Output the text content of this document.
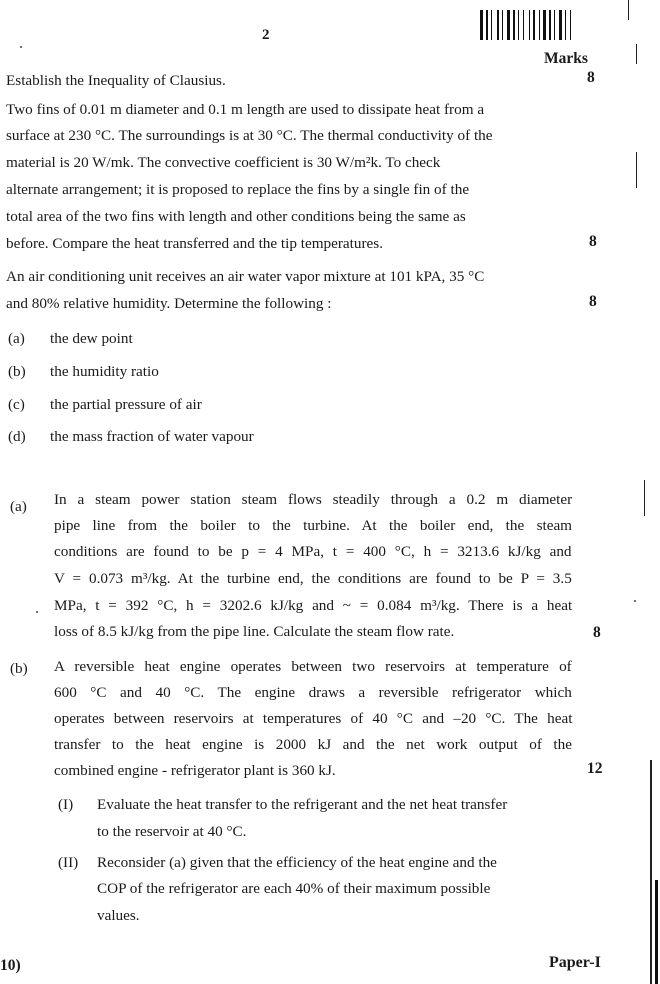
2
Marks
Establish the Inequality of Clausius.	8
Two fins of 0.01 m diameter and 0.1 m length are used to dissipate heat from a
surface at 230 °C. The surroundings is at 30 °C. The thermal conductivity of the
material is 20 W/mk. The convective coefficient is 30 W/m²k. To check
alternate arrangement; it is proposed to replace the fins by a single fin of the
total area of the two fins with length and other conditions being the same as
before. Compare the heat transferred and the tip temperatures.	8
An air conditioning unit receives an air water vapor mixture at 101 kPA, 35 °C
and 80% relative humidity. Determine the following :	8
(a) the dew point
(b) the humidity ratio
(c) the partial pressure of air
(d) the mass fraction of water vapour
(a) In a steam power station steam flows steadily through a 0.2 m diameter
pipe line from the boiler to the turbine. At the boiler end, the steam
conditions are found to be p = 4 MPa, t = 400 °C, h = 3213.6 kJ/kg and
V = 0.073 m³/kg. At the turbine end, the conditions are found to be P = 3.5
MPa, t = 392 °C, h = 3202.6 kJ/kg and ~ = 0.084 m³/kg. There is a heat
loss of 8.5 kJ/kg from the pipe line. Calculate the steam flow rate.	8
(b) A reversible heat engine operates between two reservoirs at temperature of
600 °C and 40 °C. The engine draws a reversible refrigerator which
operates between reservoirs at temperatures of 40 °C and –20 °C. The heat
transfer to the heat engine is 2000 kJ and the net work output of the
combined engine - refrigerator plant is 360 kJ.	12
(I) Evaluate the heat transfer to the refrigerant and the net heat transfer
to the reservoir at 40 °C.
(II) Reconsider (a) given that the efficiency of the heat engine and the
COP of the refrigerator are each 40% of their maximum possible
values.
10)	Paper-I
